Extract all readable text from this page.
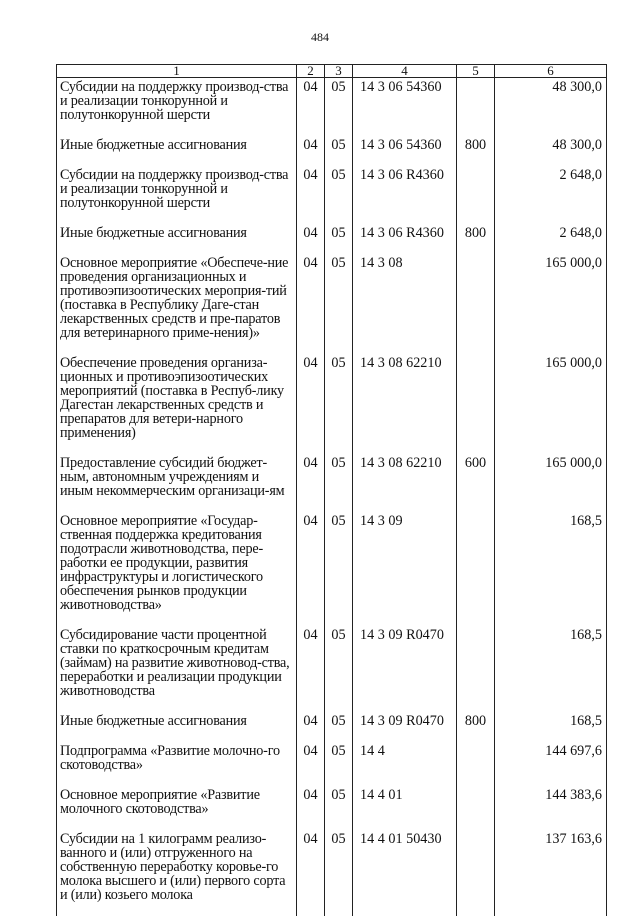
484
1	2	3	4	5	6
Субсидии на поддержку производ-ства и реализации тонкорунной и полутонкорунной шерсти	04	05	14 3 06 54360		48 300,0

Иные бюджетные ассигнования	04	05	14 3 06 54360	800	48 300,0

Субсидии на поддержку производ-ства и реализации тонкорунной и полутонкорунной шерсти	04	05	14 3 06 R4360		2 648,0

Иные бюджетные ассигнования	04	05	14 3 06 R4360	800	2 648,0

Основное мероприятие «Обеспече-ние проведения организационных и противоэпизоотических мероприя-тий (поставка в Республику Даге-стан лекарственных средств и пре-паратов для ветеринарного приме-нения)»	04	05	14 3 08		165 000,0

Обеспечение проведения организа-ционных и противоэпизоотических мероприятий (поставка в Респуб-лику Дагестан лекарственных средств и препаратов для ветери-нарного применения)	04	05	14 3 08 62210		165 000,0

Предоставление субсидий бюджет-ным, автономным учреждениям и иным некоммерческим организаци-ям	04	05	14 3 08 62210	600	165 000,0

Основное мероприятие «Государ-ственная поддержка кредитования подотрасли животноводства, пере-работки ее продукции, развития инфраструктуры и логистического обеспечения рынков продукции животноводства»	04	05	14 3 09		168,5

Субсидирование части процентной ставки по краткосрочным кредитам (займам) на развитие животновод-ства, переработки и реализации продукции животноводства	04	05	14 3 09 R0470		168,5

Иные бюджетные ассигнования	04	05	14 3 09 R0470	800	168,5

Подпрограмма «Развитие молочно-го скотоводства»	04	05	14 4		144 697,6

Основное мероприятие «Развитие молочного скотоводства»	04	05	14 4 01		144 383,6

Субсидии на 1 килограмм реализо-ванного и (или) отгруженного на собственную переработку коровье-го молока высшего и (или) первого сорта и (или) козьего молока	04	05	14 4 01 50430		137 163,6
